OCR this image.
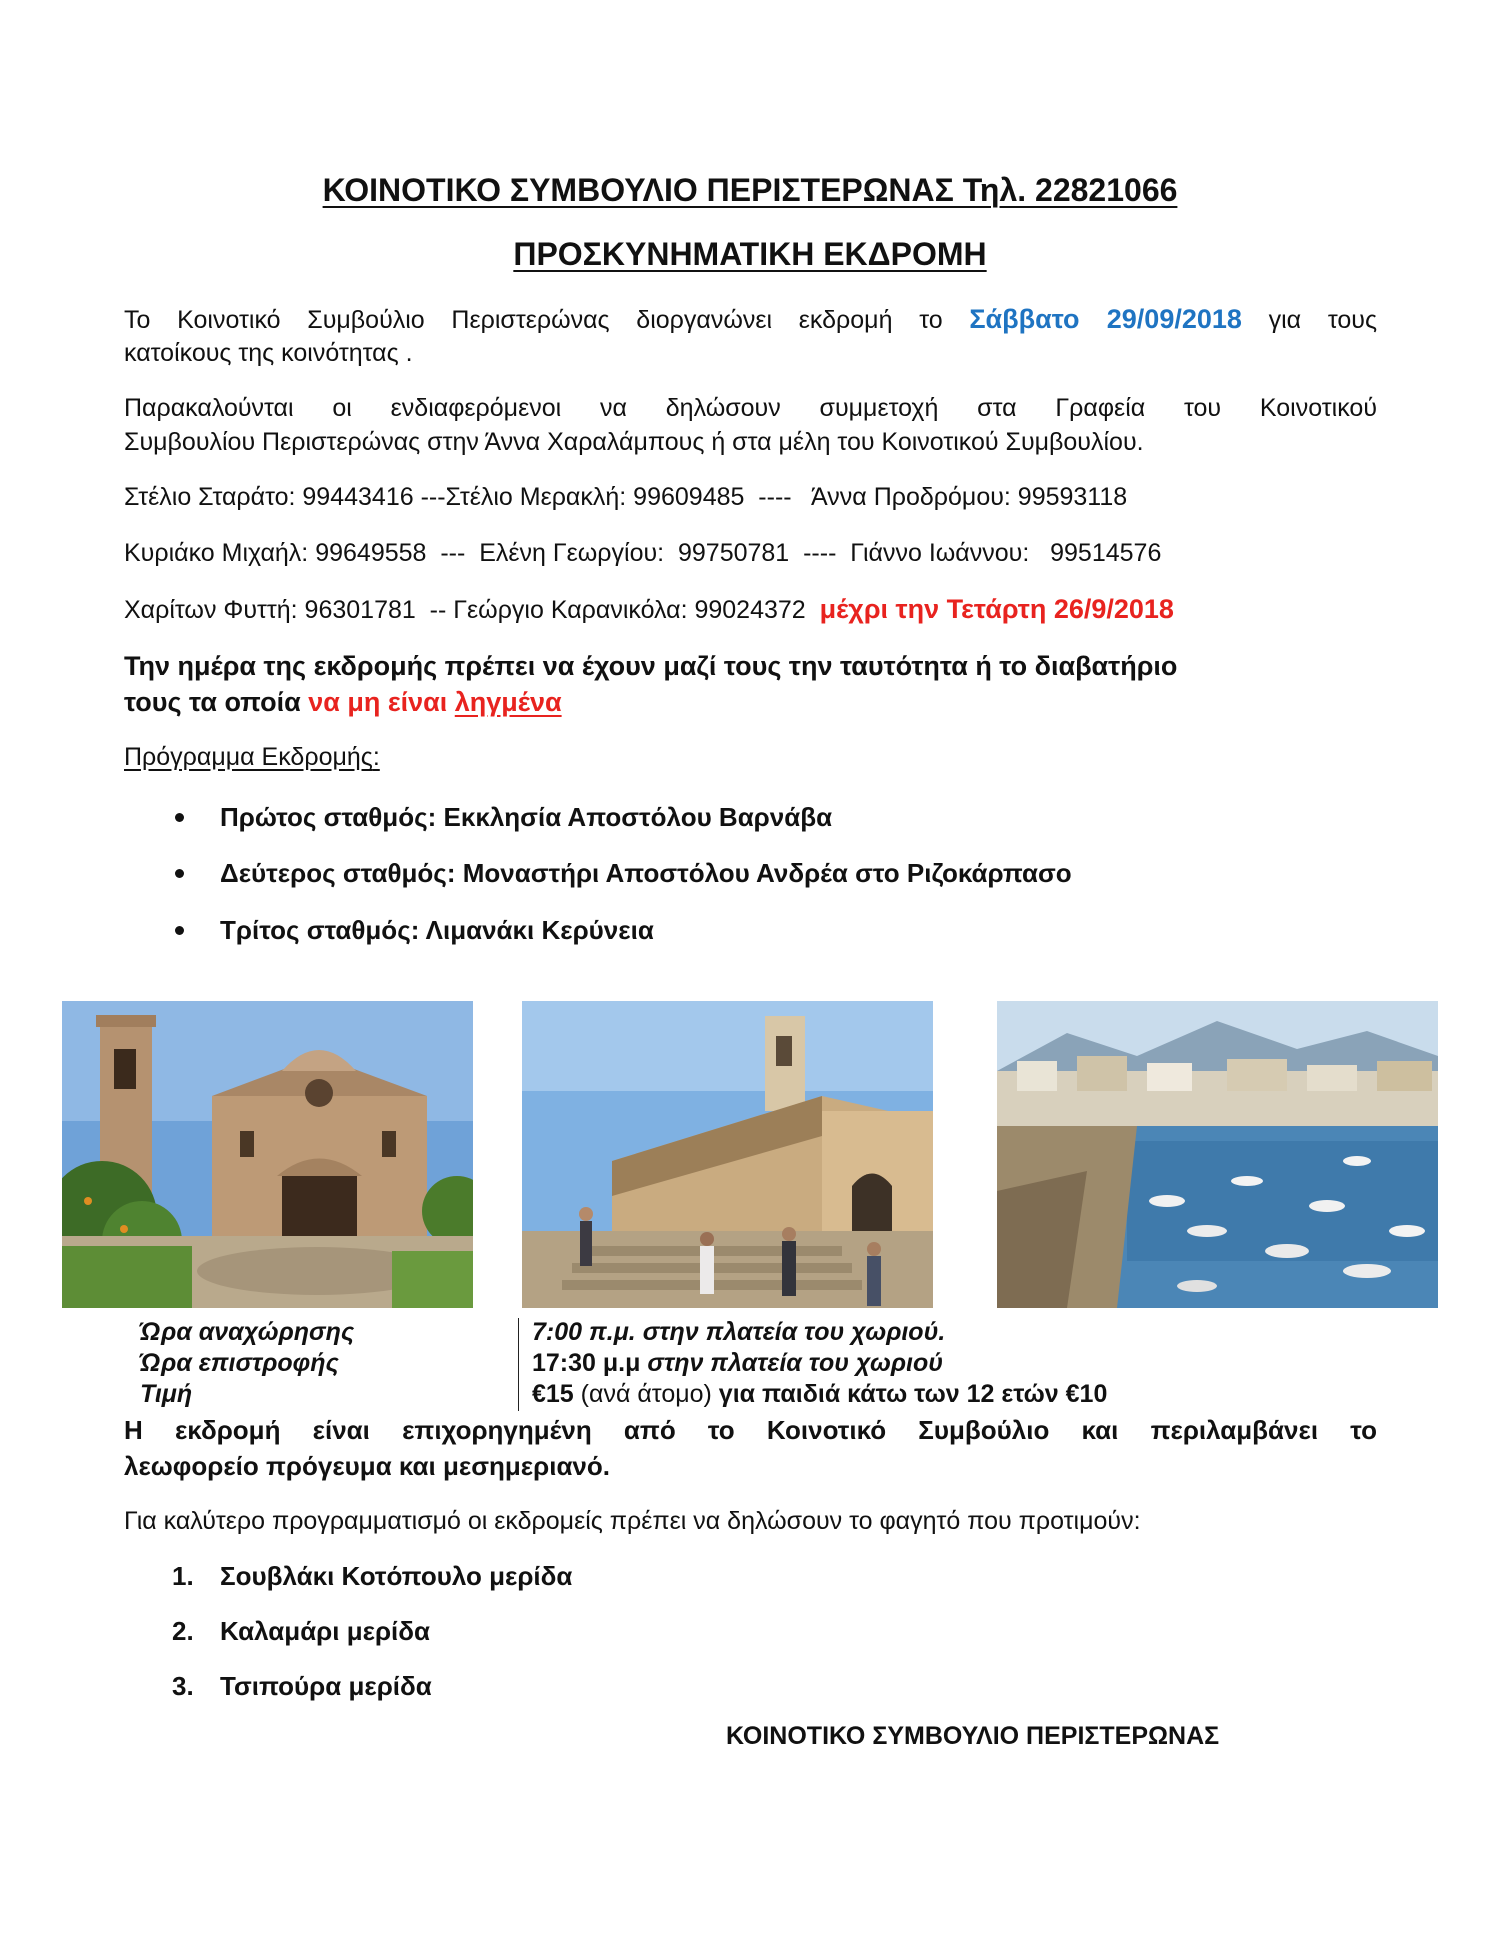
ΚΟΙΝΟΤΙΚΟ ΣΥΜΒΟΥΛΙΟ ΠΕΡΙΣΤΕΡΩΝΑΣ Τηλ. 22821066
ΠΡΟΣΚΥΝΗΜΑΤΙΚΗ ΕΚΔΡΟΜΗ
Το Κοινοτικό Συμβούλιο Περιστερώνας διοργανώνει εκδρομή το Σάββατο 29/09/2018 για τους
κατοίκους της κοινότητας .
Παρακαλούνται οι ενδιαφερόμενοι να δηλώσουν συμμετοχή στα Γραφεία του Κοινοτικού
Συμβουλίου Περιστερώνας στην Άννα Χαραλάμπους ή στα μέλη του Κοινοτικού Συμβουλίου.
Στέλιο Σταράτο: 99443416 ---Στέλιο Μερακλή: 99609485  ----   Άννα Προδρόμου: 99593118
Κυριάκο Μιχαήλ: 99649558  ---  Ελένη Γεωργίου:  99750781  ----  Γιάννο Ιωάννου:   99514576
Χαρίτων Φυττή: 96301781  -- Γεώργιο Καρανικόλα: 99024372 μέχρι την Τετάρτη 26/9/2018
Την ημέρα της εκδρομής πρέπει να έχουν μαζί τους την ταυτότητα ή το διαβατήριο
τους τα οποία να μη είναι ληγμένα
Πρόγραμμα Εκδρομής:
Πρώτος σταθμός: Εκκλησία Αποστόλου Βαρνάβα
Δεύτερος σταθμός: Μοναστήρι Αποστόλου Ανδρέα στο Ριζοκάρπασο
Τρίτος σταθμός: Λιμανάκι Κερύνεια
Ώρα αναχώρησης	7:00 π.μ. στην πλατεία του χωριού.
Ώρα επιστροφής	17:30 μ.μ στην πλατεία του χωριού
Τιμή	€15 (ανά άτομο) για παιδιά κάτω των 12 ετών €10
Η εκδρομή είναι επιχορηγημένη από το Κοινοτικό Συμβούλιο και περιλαμβάνει το
λεωφορείο πρόγευμα και μεσημεριανό.
Για καλύτερο προγραμματισμό οι εκδρομείς πρέπει να δηλώσουν το φαγητό που προτιμούν:
1. Σουβλάκι Κοτόπουλο μερίδα
2. Καλαμάρι μερίδα
3. Τσιπούρα μερίδα
ΚΟΙΝΟΤΙΚΟ ΣΥΜΒΟΥΛΙΟ ΠΕΡΙΣΤΕΡΩΝΑΣ
